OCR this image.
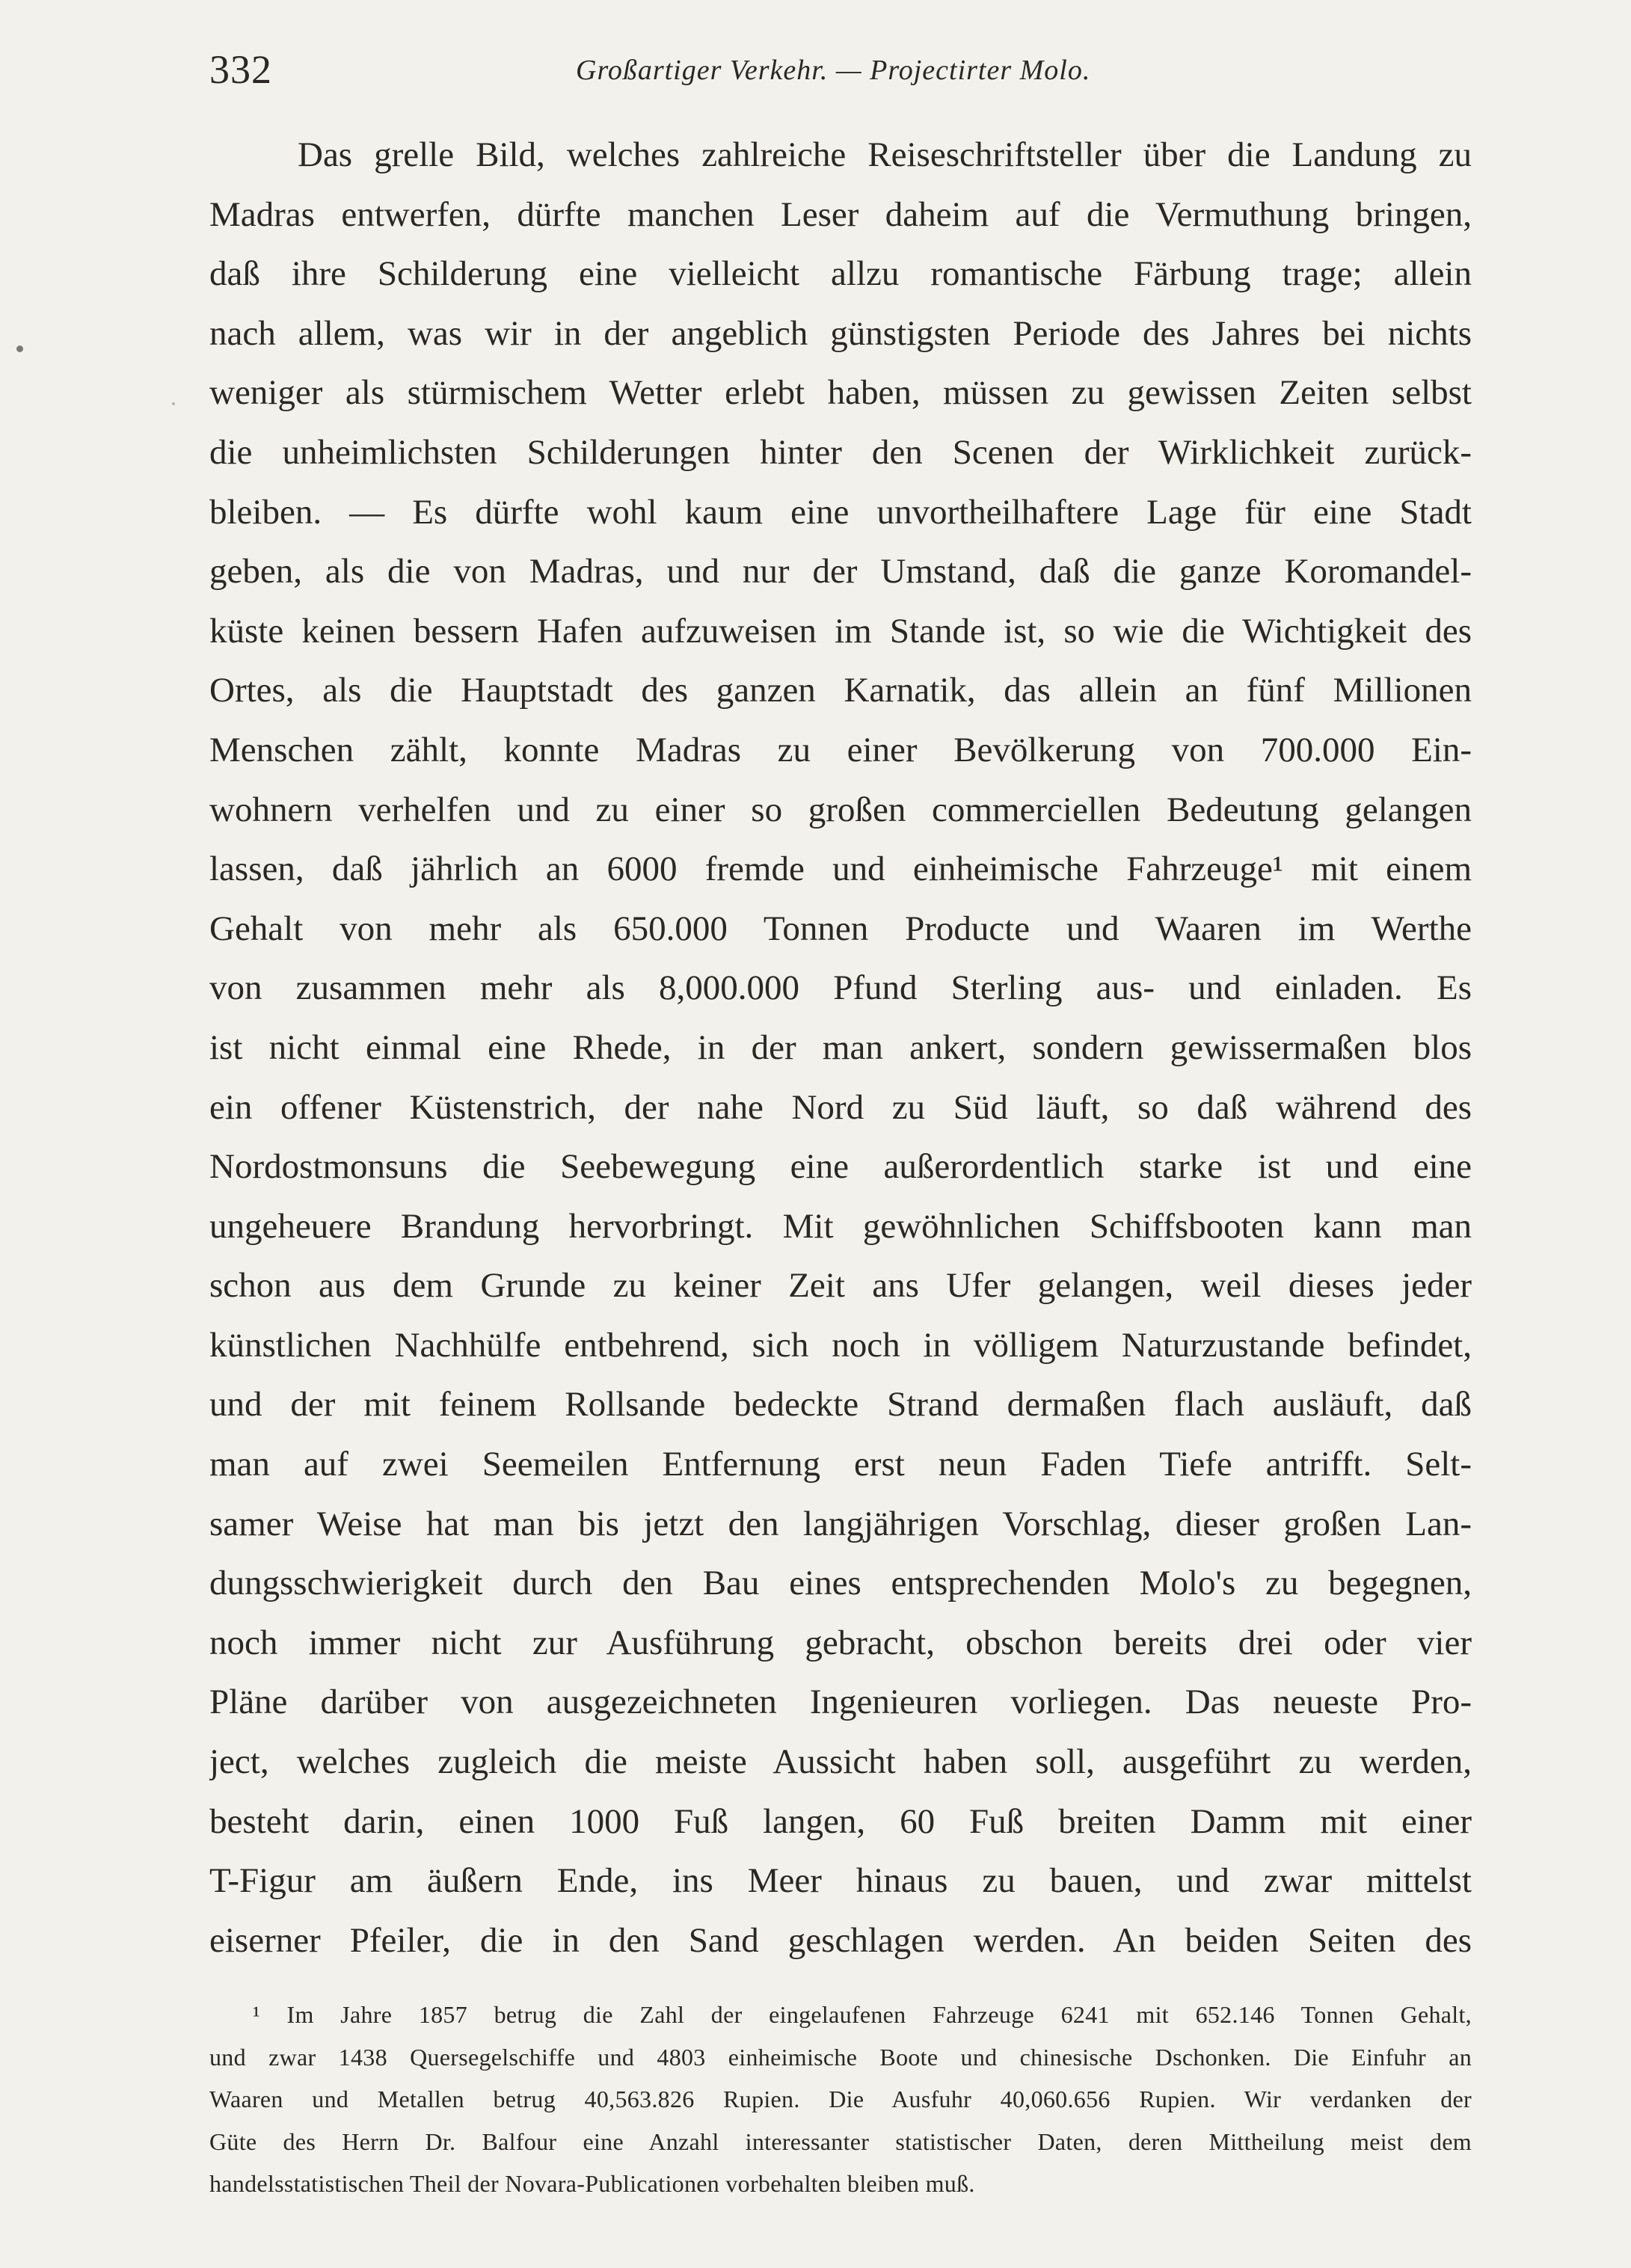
332	Großartiger Verkehr. — Projectirter Molo.
Das grelle Bild, welches zahlreiche Reiseschriftsteller über die Landung zu
Madras entwerfen, dürfte manchen Leser daheim auf die Vermuthung bringen,
daß ihre Schilderung eine vielleicht allzu romantische Färbung trage; allein
nach allem, was wir in der angeblich günstigsten Periode des Jahres bei nichts
weniger als stürmischem Wetter erlebt haben, müssen zu gewissen Zeiten selbst
die unheimlichsten Schilderungen hinter den Scenen der Wirklichkeit zurück-
bleiben. — Es dürfte wohl kaum eine unvortheilhaftere Lage für eine Stadt
geben, als die von Madras, und nur der Umstand, daß die ganze Koromandel-
küste keinen bessern Hafen aufzuweisen im Stande ist, so wie die Wichtigkeit des
Ortes, als die Hauptstadt des ganzen Karnatik, das allein an fünf Millionen
Menschen zählt, konnte Madras zu einer Bevölkerung von 700.000 Ein-
wohnern verhelfen und zu einer so großen commerciellen Bedeutung gelangen
lassen, daß jährlich an 6000 fremde und einheimische Fahrzeuge¹ mit einem
Gehalt von mehr als 650.000 Tonnen Producte und Waaren im Werthe
von zusammen mehr als 8,000.000 Pfund Sterling aus- und einladen. Es
ist nicht einmal eine Rhede, in der man ankert, sondern gewissermaßen blos
ein offener Küstenstrich, der nahe Nord zu Süd läuft, so daß während des
Nordostmonsuns die Seebewegung eine außerordentlich starke ist und eine
ungeheuere Brandung hervorbringt. Mit gewöhnlichen Schiffsbooten kann man
schon aus dem Grunde zu keiner Zeit ans Ufer gelangen, weil dieses jeder
künstlichen Nachhülfe entbehrend, sich noch in völligem Naturzustande befindet,
und der mit feinem Rollsande bedeckte Strand dermaßen flach ausläuft, daß
man auf zwei Seemeilen Entfernung erst neun Faden Tiefe antrifft. Selt-
samer Weise hat man bis jetzt den langjährigen Vorschlag, dieser großen Lan-
dungsschwierigkeit durch den Bau eines entsprechenden Molo's zu begegnen,
noch immer nicht zur Ausführung gebracht, obschon bereits drei oder vier
Pläne darüber von ausgezeichneten Ingenieuren vorliegen. Das neueste Pro-
ject, welches zugleich die meiste Aussicht haben soll, ausgeführt zu werden,
besteht darin, einen 1000 Fuß langen, 60 Fuß breiten Damm mit einer
T-Figur am äußern Ende, ins Meer hinaus zu bauen, und zwar mittelst
eiserner Pfeiler, die in den Sand geschlagen werden. An beiden Seiten des
¹ Im Jahre 1857 betrug die Zahl der eingelaufenen Fahrzeuge 6241 mit 652.146 Tonnen Gehalt,
und zwar 1438 Quersegelschiffe und 4803 einheimische Boote und chinesische Dschonken. Die Einfuhr an
Waaren und Metallen betrug 40,563.826 Rupien. Die Ausfuhr 40,060.656 Rupien. Wir verdanken der
Güte des Herrn Dr. Balfour eine Anzahl interessanter statistischer Daten, deren Mittheilung meist dem
handelsstatistischen Theil der Novara-Publicationen vorbehalten bleiben muß.
